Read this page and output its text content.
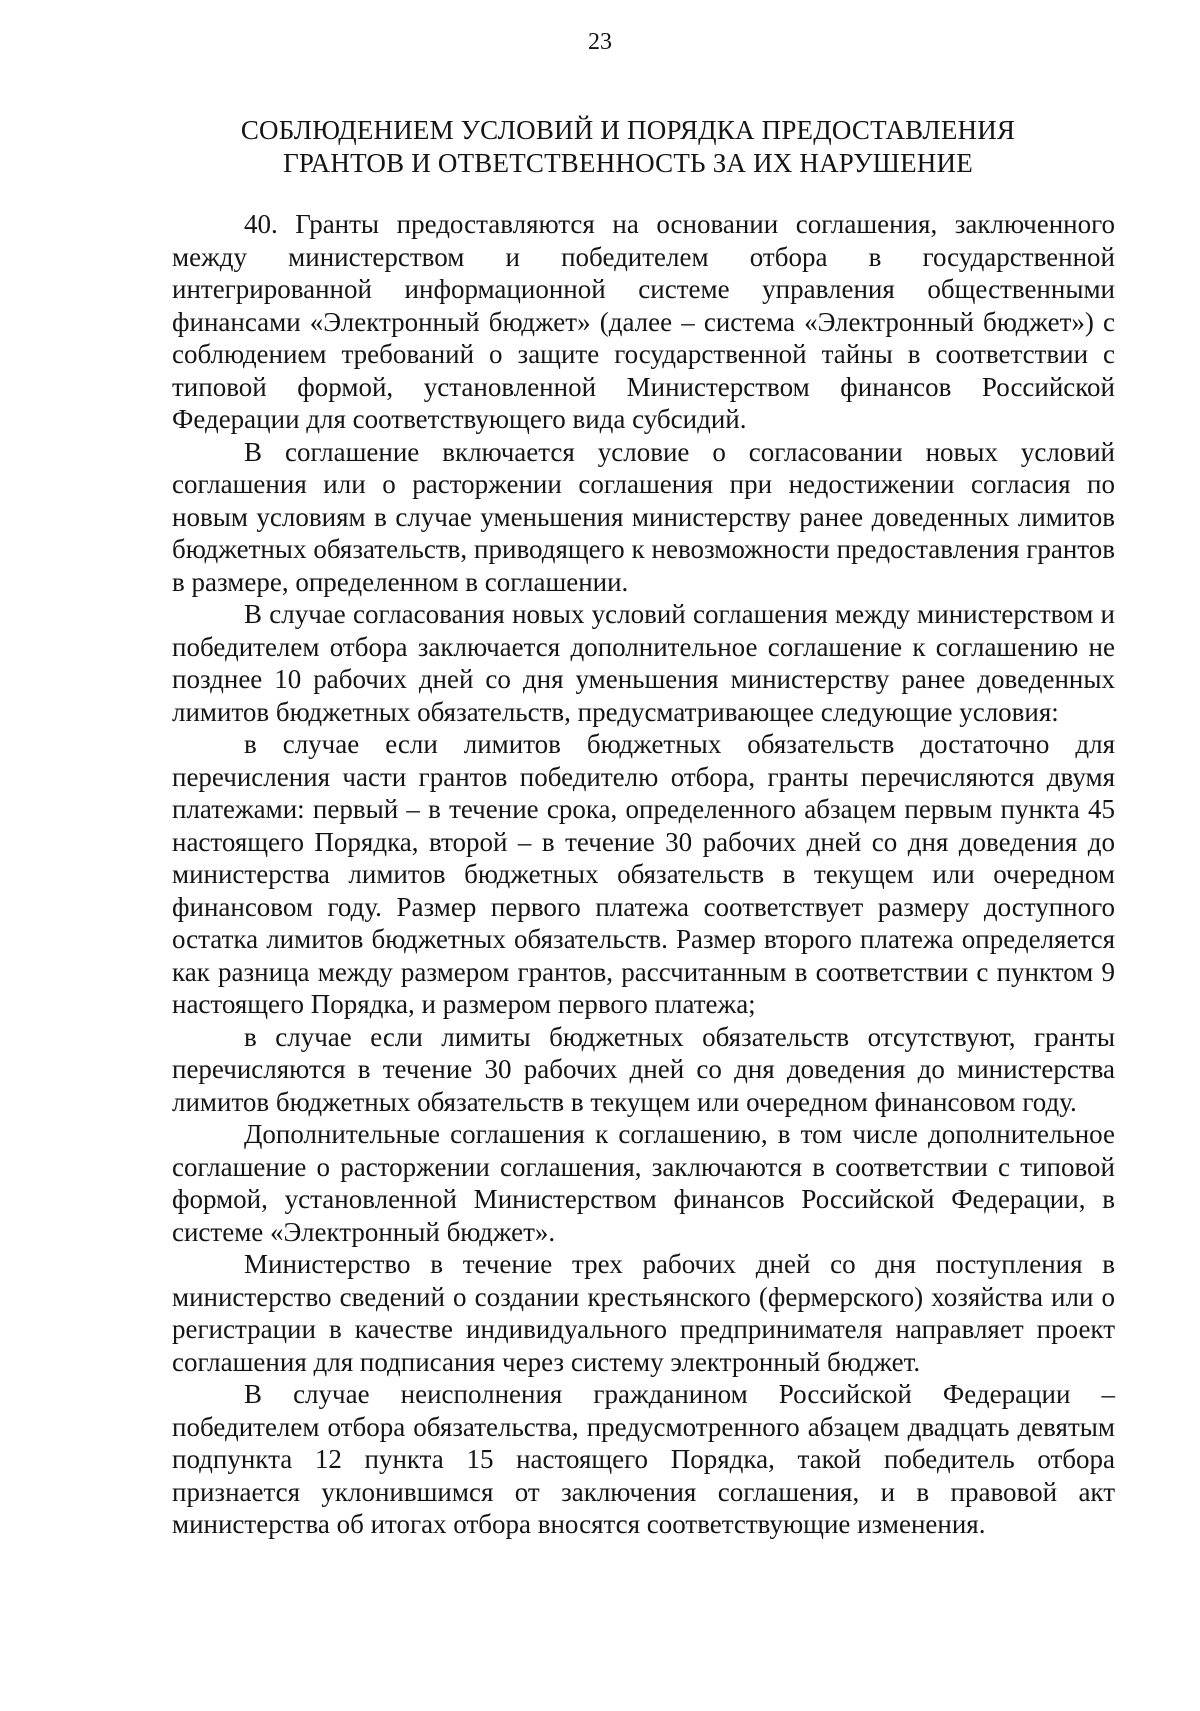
23
СОБЛЮДЕНИЕМ УСЛОВИЙ И ПОРЯДКА ПРЕДОСТАВЛЕНИЯ
ГРАНТОВ И ОТВЕТСТВЕННОСТЬ ЗА ИХ НАРУШЕНИЕ

40. Гранты предоставляются на основании соглашения, заключенного между министерством и победителем отбора в государственной интегрированной информационной системе управления общественными финансами «Электронный бюджет» (далее – система «Электронный бюджет») с соблюдением требований о защите государственной тайны в соответствии с типовой формой, установленной Министерством финансов Российской Федерации для соответствующего вида субсидий.

В соглашение включается условие о согласовании новых условий соглашения или о расторжении соглашения при недостижении согласия по новым условиям в случае уменьшения министерству ранее доведенных лимитов бюджетных обязательств, приводящего к невозможности предоставления грантов в размере, определенном в соглашении.

В случае согласования новых условий соглашения между министерством и победителем отбора заключается дополнительное соглашение к соглашению не позднее 10 рабочих дней со дня уменьшения министерству ранее доведенных лимитов бюджетных обязательств, предусматривающее следующие условия:

в случае если лимитов бюджетных обязательств достаточно для перечисления части грантов победителю отбора, гранты перечисляются двумя платежами: первый – в течение срока, определенного абзацем первым пункта 45 настоящего Порядка, второй – в течение 30 рабочих дней со дня доведения до министерства лимитов бюджетных обязательств в текущем или очередном финансовом году. Размер первого платежа соответствует размеру доступного остатка лимитов бюджетных обязательств. Размер второго платежа определяется как разница между размером грантов, рассчитанным в соответствии с пунктом 9 настоящего Порядка, и размером первого платежа;

в случае если лимиты бюджетных обязательств отсутствуют, гранты перечисляются в течение 30 рабочих дней со дня доведения до министерства лимитов бюджетных обязательств в текущем или очередном финансовом году.

Дополнительные соглашения к соглашению, в том числе дополнительное соглашение о расторжении соглашения, заключаются в соответствии с типовой формой, установленной Министерством финансов Российской Федерации, в системе «Электронный бюджет».

Министерство в течение трех рабочих дней со дня поступления в министерство сведений о создании крестьянского (фермерского) хозяйства или о регистрации в качестве индивидуального предпринимателя направляет проект соглашения для подписания через систему электронный бюджет.

В случае неисполнения гражданином Российской Федерации – победителем отбора обязательства, предусмотренного абзацем двадцать девятым подпункта 12 пункта 15 настоящего Порядка, такой победитель отбора признается уклонившимся от заключения соглашения, и в правовой акт министерства об итогах отбора вносятся соответствующие изменения.
